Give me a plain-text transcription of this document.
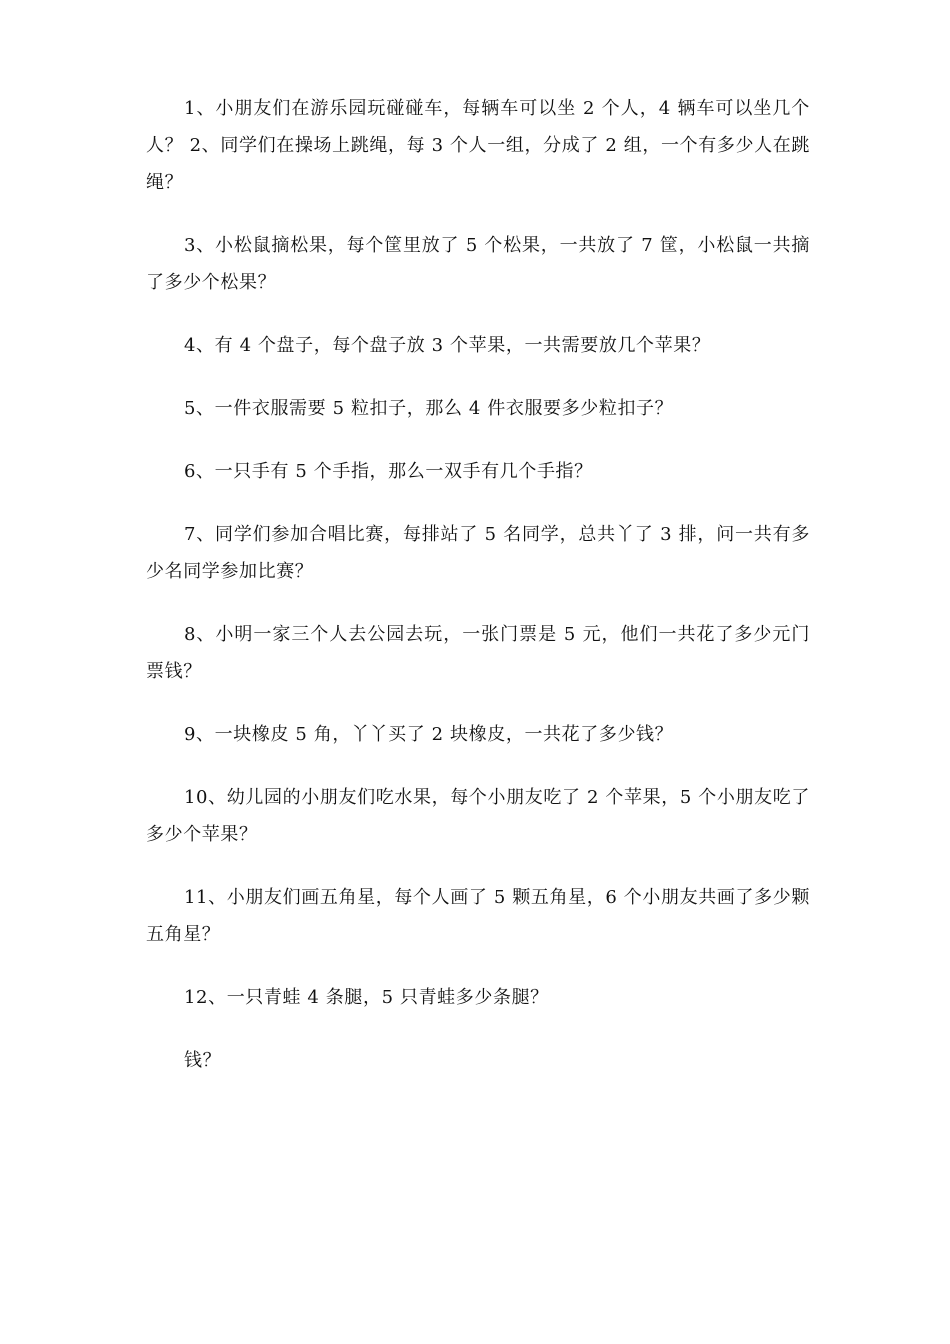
1、小朋友们在游乐园玩碰碰车，每辆车可以坐 2 个人，4 辆车可以坐几个人？ 2、同学们在操场上跳绳，每 3 个人一组，分成了 2 组，一个有多少人在跳绳？

3、小松鼠摘松果，每个筐里放了 5 个松果，一共放了 7 筐，小松鼠一共摘了多少个松果？

4、有 4 个盘子，每个盘子放 3 个苹果，一共需要放几个苹果？

5、一件衣服需要 5 粒扣子，那么 4 件衣服要多少粒扣子？

6、一只手有 5 个手指，那么一双手有几个手指？

7、同学们参加合唱比赛，每排站了 5 名同学，总共丫了 3 排，问一共有多少名同学参加比赛？

8、小明一家三个人去公园去玩，一张门票是 5 元，他们一共花了多少元门票钱？

9、一块橡皮 5 角，丫丫买了 2 块橡皮，一共花了多少钱？

10、幼儿园的小朋友们吃水果，每个小朋友吃了 2 个苹果，5 个小朋友吃了多少个苹果？

11、小朋友们画五角星，每个人画了 5 颗五角星，6 个小朋友共画了多少颗五角星？

12、一只青蛙 4 条腿，5 只青蛙多少条腿？

钱？
